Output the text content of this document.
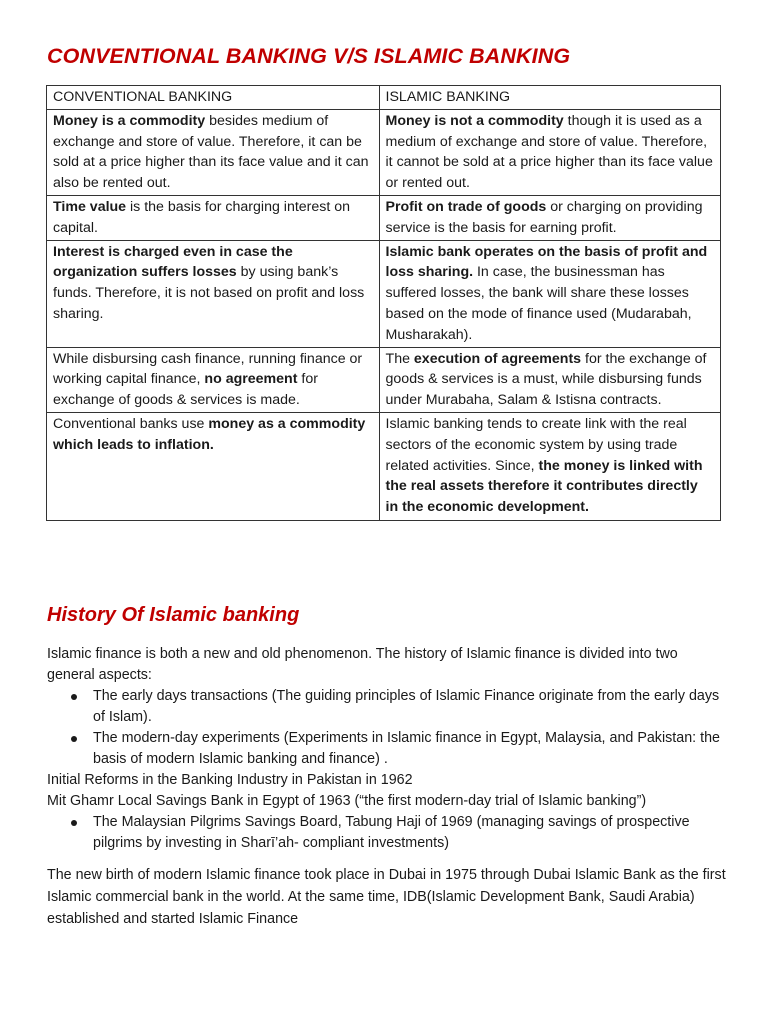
CONVENTIONAL BANKING V/S ISLAMIC BANKING
CONVENTIONAL BANKING	ISLAMIC BANKING
Money is a commodity besides medium of exchange and store of value. Therefore, it can be sold at a price higher than its face value and it can also be rented out.	Money is not a commodity though it is used as a medium of exchange and store of value. Therefore, it cannot be sold at a price higher than its face value or rented out.
Time value is the basis for charging interest on capital.	Profit on trade of goods or charging on providing service is the basis for earning profit.
Interest is charged even in case the organization suffers losses by using bank’s funds. Therefore, it is not based on profit and loss sharing.	Islamic bank operates on the basis of profit and loss sharing. In case, the businessman has suffered losses, the bank will share these losses based on the mode of finance used (Mudarabah, Musharakah).
While disbursing cash finance, running finance or working capital finance, no agreement for exchange of goods & services is made.	The execution of agreements for the exchange of goods & services is a must, while disbursing funds under Murabaha, Salam & Istisna contracts.
Conventional banks use money as a commodity which leads to inflation.	Islamic banking tends to create link with the real sectors of the economic system by using trade related activities. Since, the money is linked with the real assets therefore it contributes directly in the economic development.
History Of Islamic banking

Islamic finance is both a new and old phenomenon. The history of Islamic finance is divided into two general aspects:

The early days transactions (The guiding principles of Islamic Finance originate from the early days of Islam).
The modern-day experiments (Experiments in Islamic finance in Egypt, Malaysia, and Pakistan: the basis of modern Islamic banking and finance) .

Initial Reforms in the Banking Industry in Pakistan in 1962

Mit Ghamr Local Savings Bank in Egypt of 1963 (“the first modern-day trial of Islamic banking”)

The Malaysian Pilgrims Savings Board, Tabung Haji of 1969 (managing savings of prospective pilgrims by investing in Sharī’ah- compliant investments)

The new birth of modern Islamic finance took place in Dubai in 1975 through Dubai Islamic Bank as the first Islamic commercial bank in the world. At the same time, IDB(Islamic Development Bank, Saudi Arabia) established and started Islamic Finance
